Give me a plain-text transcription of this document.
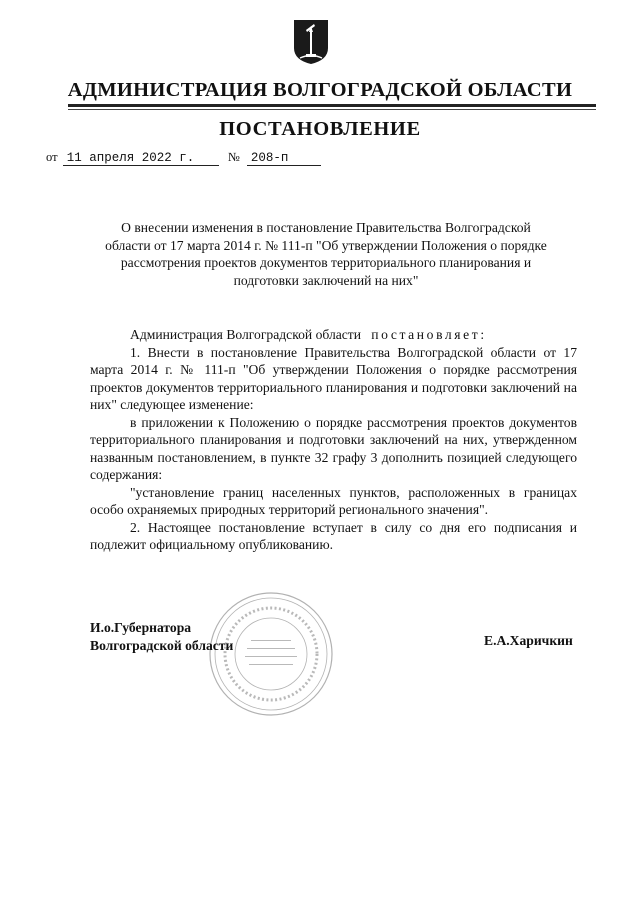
АДМИНИСТРАЦИЯ ВОЛГОГРАДСКОЙ ОБЛАСТИ
ПОСТАНОВЛЕНИЕ
от 11 апреля 2022 г.	№ 208-п
О внесении изменения в постановление Правительства Волгоградской области от 17 марта 2014 г. № 111-п "Об утверждении Положения о порядке рассмотрения проектов документов территориального планирования и подготовки заключений на них"

Администрация Волгоградской области постановляет:

1. Внести в постановление Правительства Волгоградской области от 17 марта 2014 г. № 111-п "Об утверждении Положения о порядке рассмотрения проектов документов территориального планирования и подготовки заключений на них" следующее изменение:

в приложении к Положению о порядке рассмотрения проектов документов территориального планирования и подготовки заключений на них, утвержденном названным постановлением, в пункте 32 графу 3 дополнить позицией следующего содержания:

"установление границ населенных пунктов, расположенных в границах особо охраняемых природных территорий регионального значения".

2. Настоящее постановление вступает в силу со дня его подписания и подлежит официальному опубликованию.

И.о.Губернатора
Волгоградской области	Е.А.Харичкин
